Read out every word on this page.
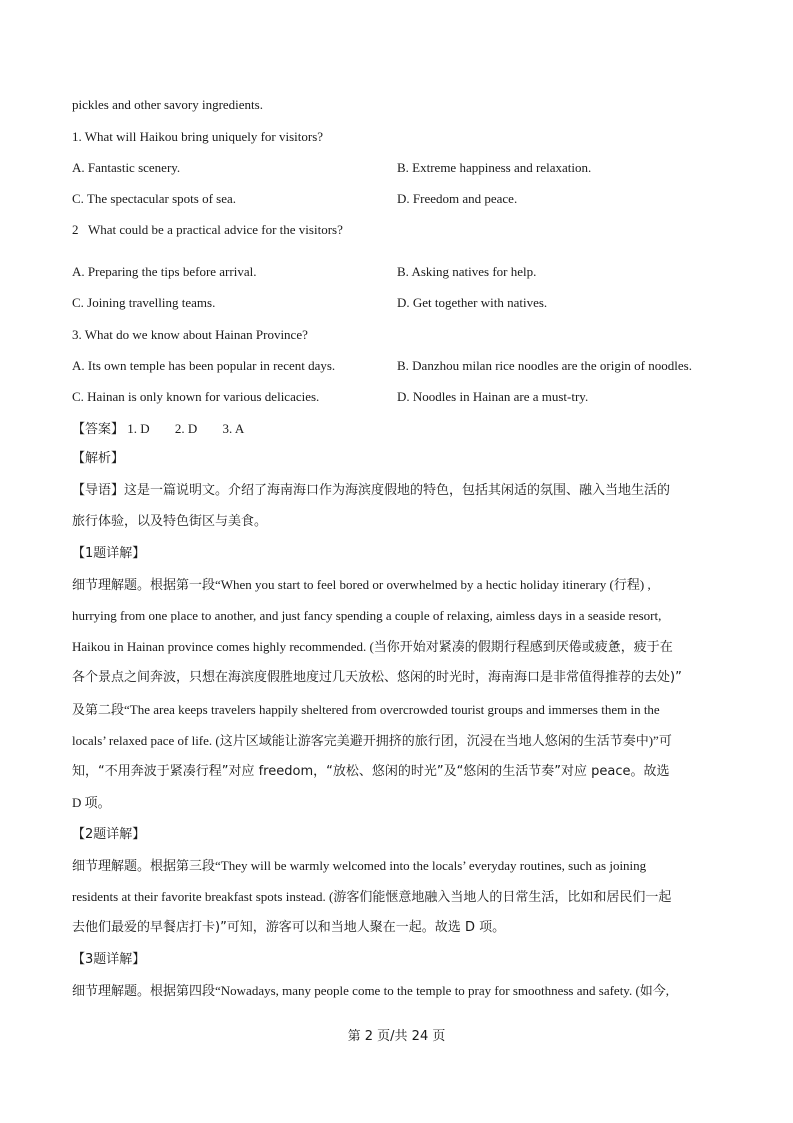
pickles and other savory ingredients.
1. What will Haikou bring uniquely for visitors?
A. Fantastic scenery.	B. Extreme happiness and relaxation.
C. The spectacular spots of sea.	D. Freedom and peace.
2   What could be a practical advice for the visitors?
A. Preparing the tips before arrival.	B. Asking natives for help.
C. Joining travelling teams.	D. Get together with natives.
3. What do we know about Hainan Province?
A. Its own temple has been popular in recent days.	B. Danzhou milan rice noodles are the origin of noodles.
C. Hainan is only known for various delicacies.	D. Noodles in Hainan are a must-try.
【答案】 1. D 2. D 3. A
【解析】
【导语】这是一篇说明文。介绍了海南海口作为海滨度假地的特色，包括其闲适的氛围、融入当地生活的
旅行体验，以及特色街区与美食。
【1题详解】
细节理解题。根据第一段“When you start to feel bored or overwhelmed by a hectic holiday itinerary (行程) ,
hurrying from one place to another, and just fancy spending a couple of relaxing, aimless days in a seaside resort,
Haikou in Hainan province comes highly recommended. (当你开始对紧凑的假期行程感到厌倦或疲惫，疲于在
各个景点之间奔波，只想在海滨度假胜地度过几天放松、悠闲的时光时，海南海口是非常值得推荐的去处)”
及第二段“The area keeps travelers happily sheltered from overcrowded tourist groups and immerses them in the
locals’ relaxed pace of life. (这片区域能让游客完美避开拥挤的旅行团，沉浸在当地人悠闲的生活节奏中)”可
知，“不用奔波于紧凑行程”对应 freedom，“放松、悠闲的时光”及“悠闲的生活节奏”对应 peace。故选
D 项。
【2题详解】
细节理解题。根据第三段“They will be warmly welcomed into the locals’ everyday routines, such as joining
residents at their favorite breakfast spots instead. (游客们能惬意地融入当地人的日常生活，比如和居民们一起
去他们最爱的早餐店打卡)”可知，游客可以和当地人聚在一起。故选 D 项。
【3题详解】
细节理解题。根据第四段“Nowadays, many people come to the temple to pray for smoothness and safety. (如今,
第 2 页/共 24 页
